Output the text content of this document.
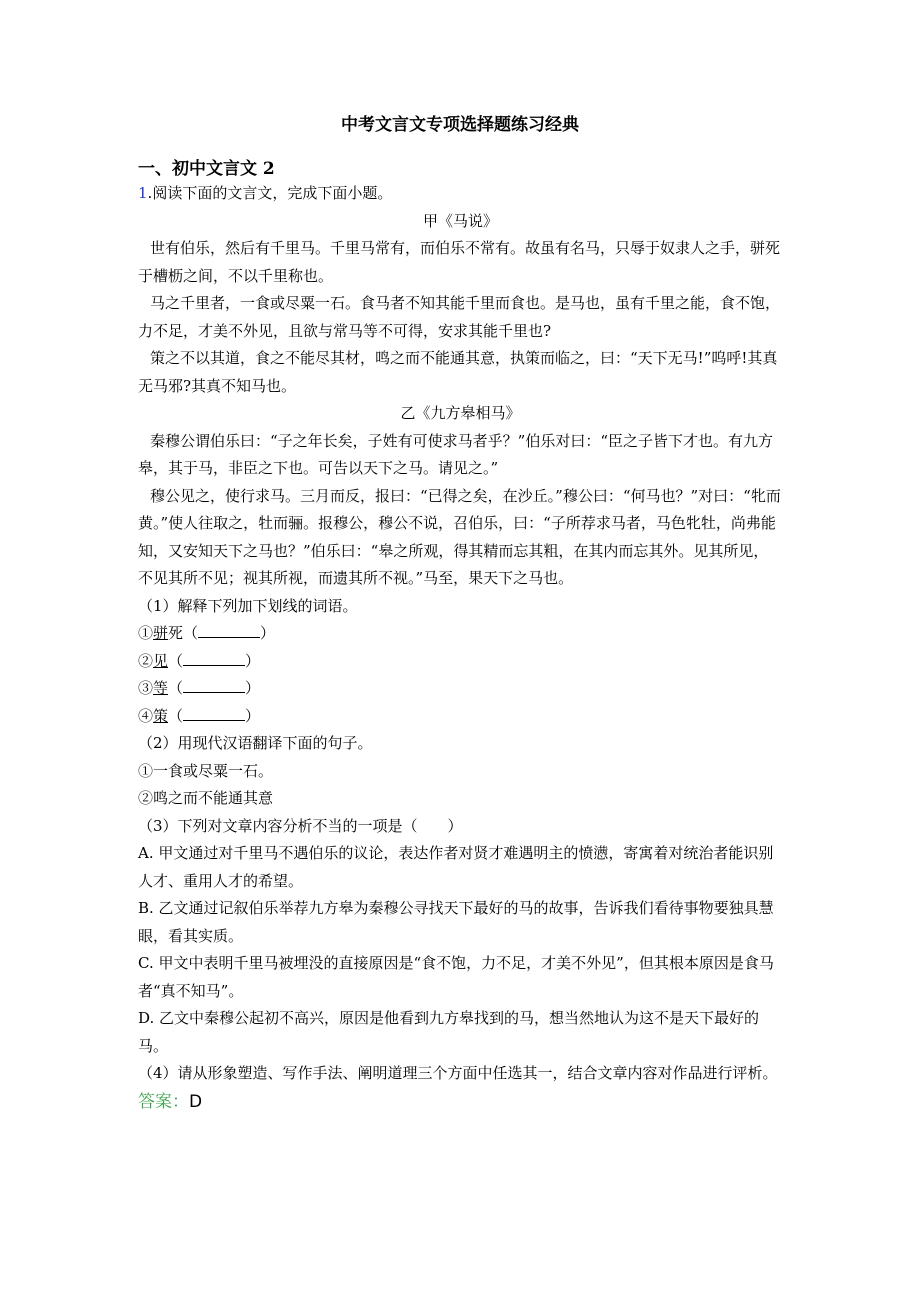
中考文言文专项选择题练习经典
一、初中文言文 2

1.阅读下面的文言文，完成下面小题。

甲《马说》

世有伯乐，然后有千里马。千里马常有，而伯乐不常有。故虽有名马，只辱于奴隶人之手，骈死于槽枥之间，不以千里称也。

马之千里者，一食或尽粟一石。食马者不知其能千里而食也。是马也，虽有千里之能，食不饱，力不足，才美不外见，且欲与常马等不可得，安求其能千里也?

策之不以其道，食之不能尽其材，鸣之而不能通其意，执策而临之，曰：“天下无马!”呜呼!其真无马邪?其真不知马也。

乙《九方皋相马》

秦穆公谓伯乐曰：“子之年长矣，子姓有可使求马者乎？”伯乐对曰：“臣之子皆下才也。有九方皋，其于马，非臣之下也。可告以天下之马。请见之。”

穆公见之，使行求马。三月而反，报曰：“已得之矣，在沙丘。”穆公曰：“何马也？”对曰：“牝而黄。”使人往取之，牡而骊。报穆公，穆公不说，召伯乐，曰：“子所荐求马者，马色牝牡，尚弗能知，又安知天下之马也？”伯乐曰：“皋之所观，得其精而忘其粗，在其内而忘其外。见其所见，不见其所不见；视其所视，而遗其所不视。”马至，果天下之马也。

（1）解释下列加下划线的词语。

①骈死（	）

②见（	）

③等（	）

④策（	）

（2）用现代汉语翻译下面的句子。

①一食或尽粟一石。

②鸣之而不能通其意

（3）下列对文章内容分析不当的一项是（　　）

A. 甲文通过对千里马不遇伯乐的议论，表达作者对贤才难遇明主的愤懑，寄寓着对统治者能识别人才、重用人才的希望。

B. 乙文通过记叙伯乐举荐九方皋为秦穆公寻找天下最好的马的故事，告诉我们看待事物要独具慧眼，看其实质。

C. 甲文中表明千里马被埋没的直接原因是“食不饱，力不足，才美不外见”，但其根本原因是食马者“真不知马”。

D. 乙文中秦穆公起初不高兴，原因是他看到九方皋找到的马，想当然地认为这不是天下最好的马。

（4）请从形象塑造、写作手法、阐明道理三个方面中任选其一，结合文章内容对作品进行评析。

答案：D
